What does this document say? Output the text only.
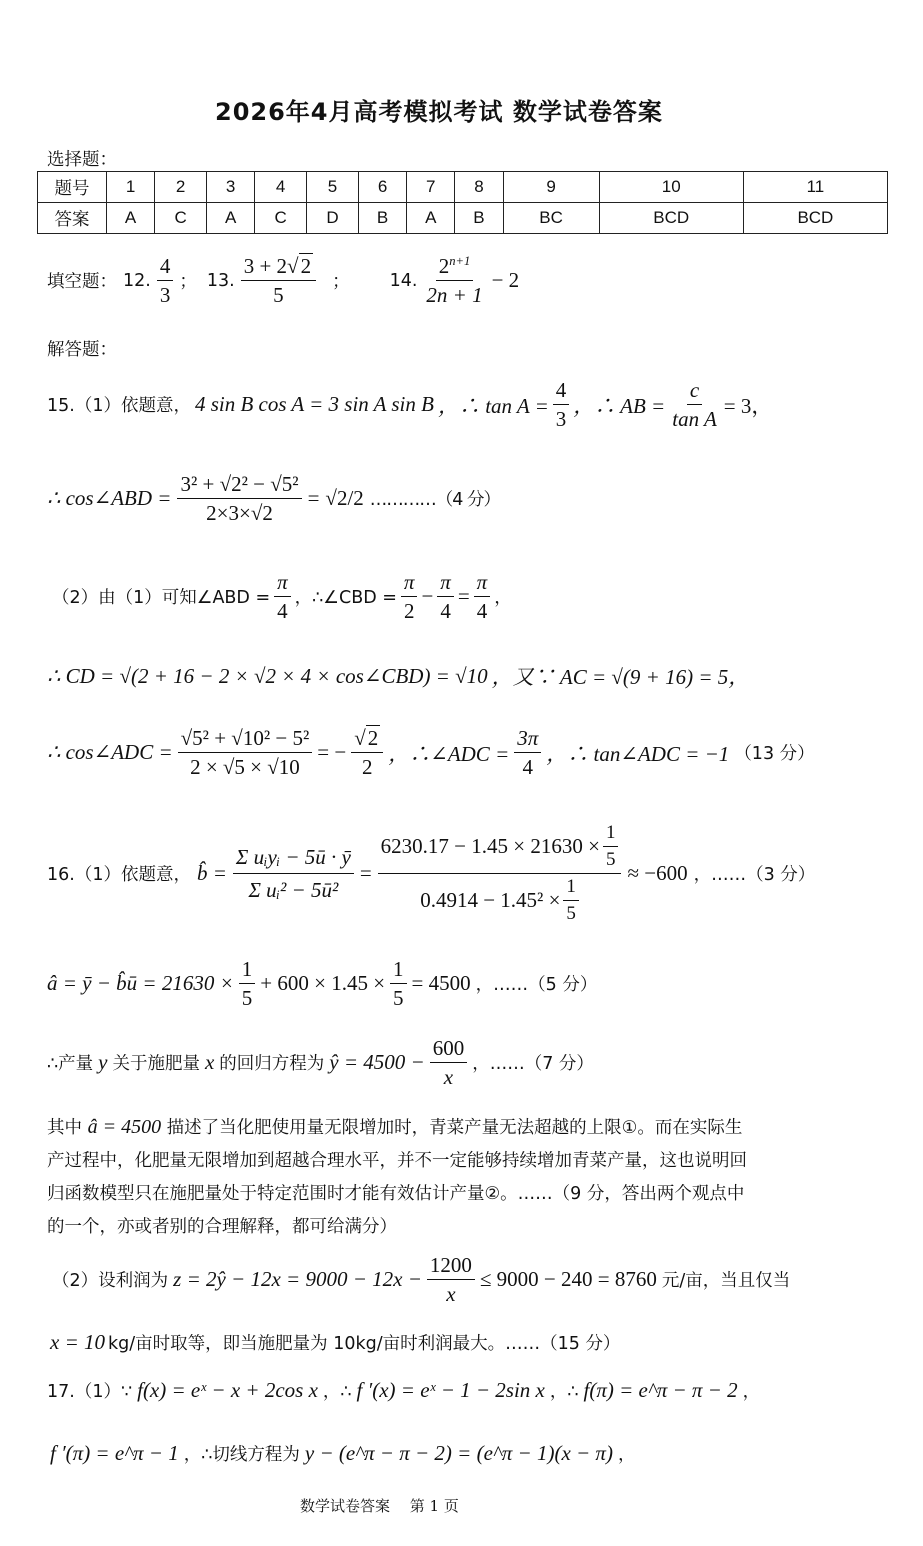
2026年4月高考模拟考试 数学试卷答案
选择题：
题号	1	2	3	4	5	6	7	8	9	10	11
答案	A	C	A	C	D	B	A	B	BC	BCD	BCD
填空题： 12. $\frac{4}{3}$ ； 13. $\frac{3 + 2√2}{5}$ ； 14. $\frac{2^{n+1}}{2n + 1} - 2$
解答题：
15.（1）依题意， 4 sin B cos A = 3 sin A sin B ，∴ $\tan A = \frac{4}{3}$ ，∴ AB = $\frac{c}{\text{tan A}} = 3$，
∴ cos∠ABD = $\frac{\text{3² + √2² − √5²}}{2\times 3\times√2} = √2/2$ …………（4 分）
（2）由（1）可知∠ABD = $\frac{\pi}{4}$ ，∴∠CBD = $\frac{\pi}{2} - \frac{\pi}{4} = \frac{\pi}{4}$ ，
∴ CD = √(2 + 16 − 2 × √2 × 4 × cos∠CBD) = √10 ，又∵ AC = √(9 + 16) = 5，
∴ cos∠ADC = $\frac{\text{√5² + √10² − 5²}}{2 \times √5 \times √10}$ = − $\frac{√2}{2}$ ，∴∠ADC = $\frac{3\pi}{4}$ ，∴ tan∠ADC = −1 （13 分）
16.（1）依题意， b̂ = $\frac{\text{Σ uᵢyᵢ − 5ū · ȳ}}{\text{Σ uᵢ² − 5ū²}} = \frac{6230.17 - 1.45 \times 21630 \times \frac{1}{5}}{0.4914 - 1.45^2 \times \frac{1}{5}} \approx -600$ ，……（3 分）
â = ȳ − b̂ū = $21630 \times \frac{1}{5} + 600 \times 1.45 \times \frac{1}{5} = 4500$ ，……（5 分）
∴产量 y 关于施肥量 x 的回归方程为 ŷ = $4500 - \frac{600}{x}$ ，……（7 分）
其中 â = 4500 描述了当化肥使用量无限增加时，青菜产量无法超越的上限①。而在实际生
产过程中，化肥量无限增加到超越合理水平，并不一定能够持续增加青菜产量，这也说明回
归函数模型只在施肥量处于特定范围时才能有效估计产量②。……（9 分，答出两个观点中
的一个，亦或者别的合理解释，都可给满分）
（2）设利润为 z = 2ŷ − $12x = 9000 - 12x - \frac{1200}{x} \le 9000 - 240 = 8760$ 元/亩，当且仅当
x = 10 kg/亩时取等，即当施肥量为 10kg/亩时利润最大。……（15 分）
17.（1）∵ f(x) = eˣ − x + 2cos x ，∴ f ′(x) = eˣ − 1 − 2sin x ，∴ f(π) = e^π − π − 2 ，
f ′(π) = e^π − 1 ，∴切线方程为 y − (e^π − π − 2) = (e^π − 1)(x − π) ，
数学试卷答案　 第 1 页
